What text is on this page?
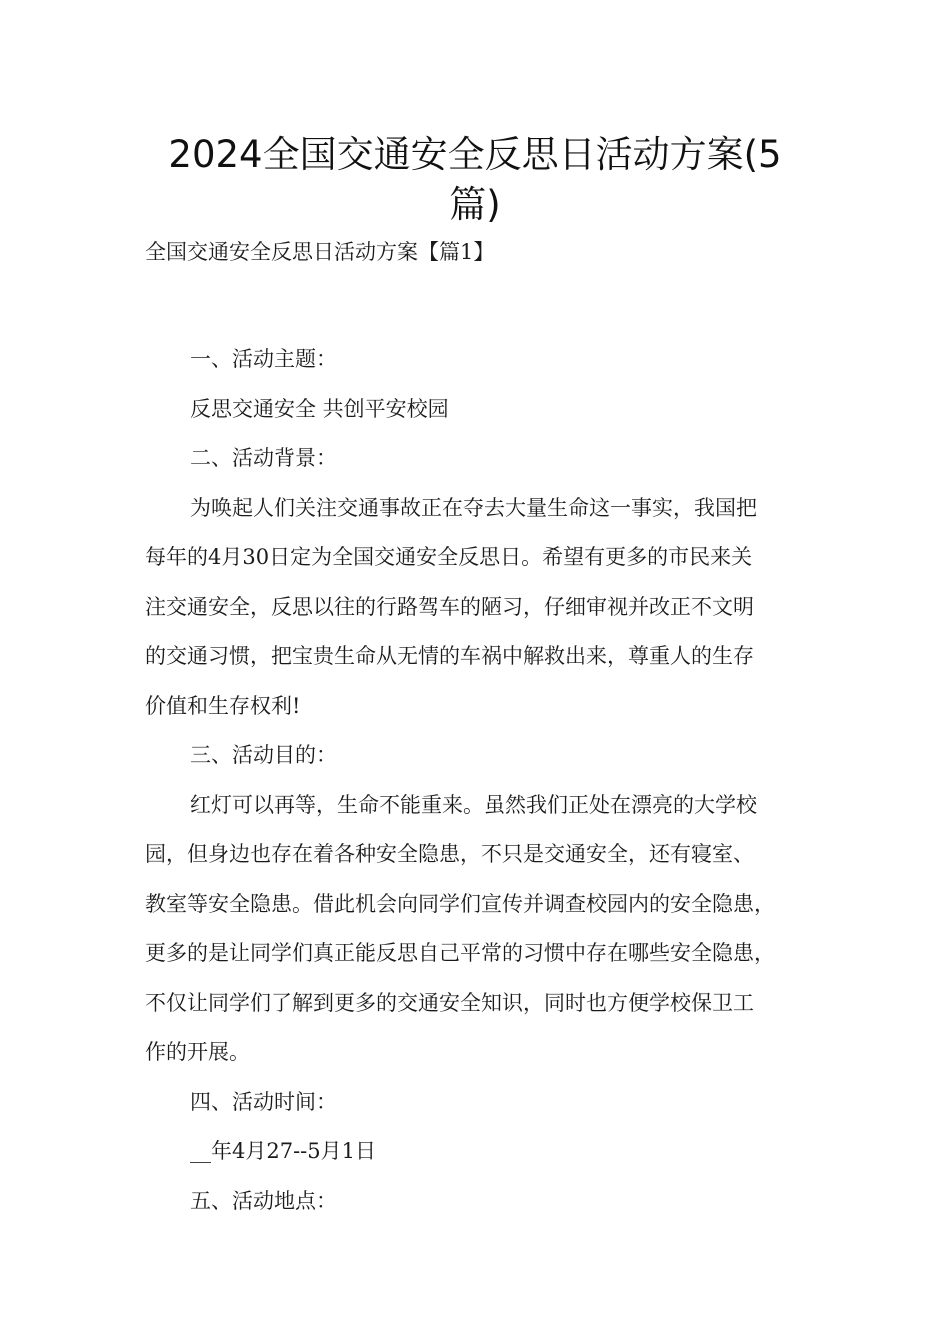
2024全国交通安全反思日活动方案(5
篇)

全国交通安全反思日活动方案【篇1】

一、活动主题：

反思交通安全 共创平安校园

二、活动背景：

为唤起人们关注交通事故正在夺去大量生命这一事实，我国把

每年的4月30日定为全国交通安全反思日。希望有更多的市民来关

注交通安全，反思以往的行路驾车的陋习，仔细审视并改正不文明

的交通习惯，把宝贵生命从无情的车祸中解救出来，尊重人的生存

价值和生存权利!

三、活动目的：

红灯可以再等，生命不能重来。虽然我们正处在漂亮的大学校

园，但身边也存在着各种安全隐患，不只是交通安全，还有寝室、

教室等安全隐患。借此机会向同学们宣传并调查校园内的安全隐患，

更多的是让同学们真正能反思自己平常的习惯中存在哪些安全隐患，

不仅让同学们了解到更多的交通安全知识，同时也方便学校保卫工

作的开展。

四、活动时间：

__年4月27--5月1日

五、活动地点：
